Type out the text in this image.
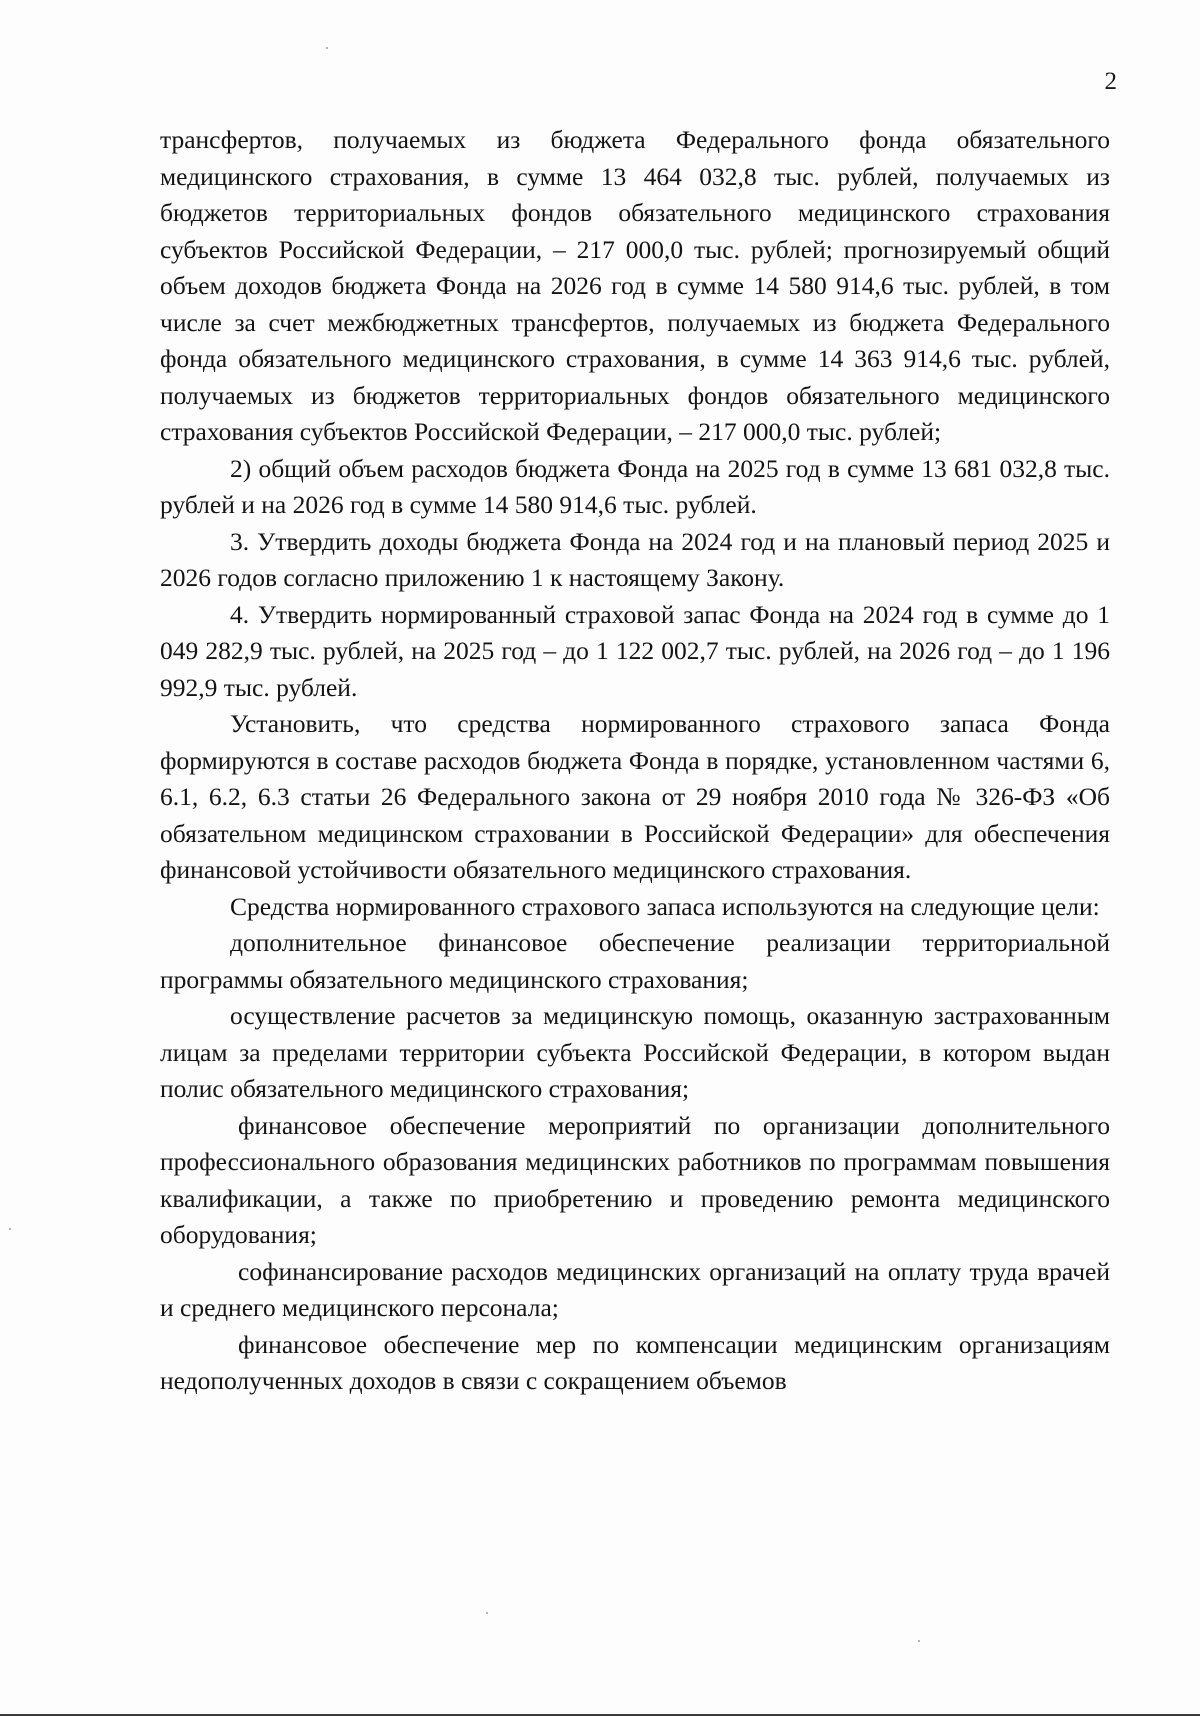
2

трансфертов, получаемых из бюджета Федерального фонда обязательного медицинского страхования, в сумме 13 464 032,8 тыс. рублей, получаемых из бюджетов территориальных фондов обязательного медицинского страхования субъектов Российской Федерации, – 217 000,0 тыс. рублей; прогнозируемый общий объем доходов бюджета Фонда на 2026 год в сумме 14 580 914,6 тыс. рублей, в том числе за счет межбюджетных трансфертов, получаемых из бюджета Федерального фонда обязательного медицинского страхования, в сумме 14 363 914,6 тыс. рублей, получаемых из бюджетов территориальных фондов обязательного медицинского страхования субъектов Российской Федерации, – 217 000,0 тыс. рублей;

2) общий объем расходов бюджета Фонда на 2025 год в сумме 13 681 032,8 тыс. рублей и на 2026 год в сумме 14 580 914,6 тыс. рублей.

3. Утвердить доходы бюджета Фонда на 2024 год и на плановый период 2025 и 2026 годов согласно приложению 1 к настоящему Закону.

4. Утвердить нормированный страховой запас Фонда на 2024 год в сумме до 1 049 282,9 тыс. рублей, на 2025 год – до 1 122 002,7 тыс. рублей, на 2026 год – до 1 196 992,9 тыс. рублей.

Установить, что средства нормированного страхового запаса Фонда формируются в составе расходов бюджета Фонда в порядке, установленном частями 6, 6.1, 6.2, 6.3 статьи 26 Федерального закона от 29 ноября 2010 года № 326-ФЗ «Об обязательном медицинском страховании в Российской Федерации» для обеспечения финансовой устойчивости обязательного медицинского страхования.

Средства нормированного страхового запаса используются на следующие цели:

дополнительное финансовое обеспечение реализации территориальной программы обязательного медицинского страхования;

осуществление расчетов за медицинскую помощь, оказанную застрахованным лицам за пределами территории субъекта Российской Федерации, в котором выдан полис обязательного медицинского страхования;

финансовое обеспечение мероприятий по организации дополнительного профессионального образования медицинских работников по программам повышения квалификации, а также по приобретению и проведению ремонта медицинского оборудования;

софинансирование расходов медицинских организаций на оплату труда врачей и среднего медицинского персонала;

финансовое обеспечение мер по компенсации медицинским организациям недополученных доходов в связи с сокращением объемов
